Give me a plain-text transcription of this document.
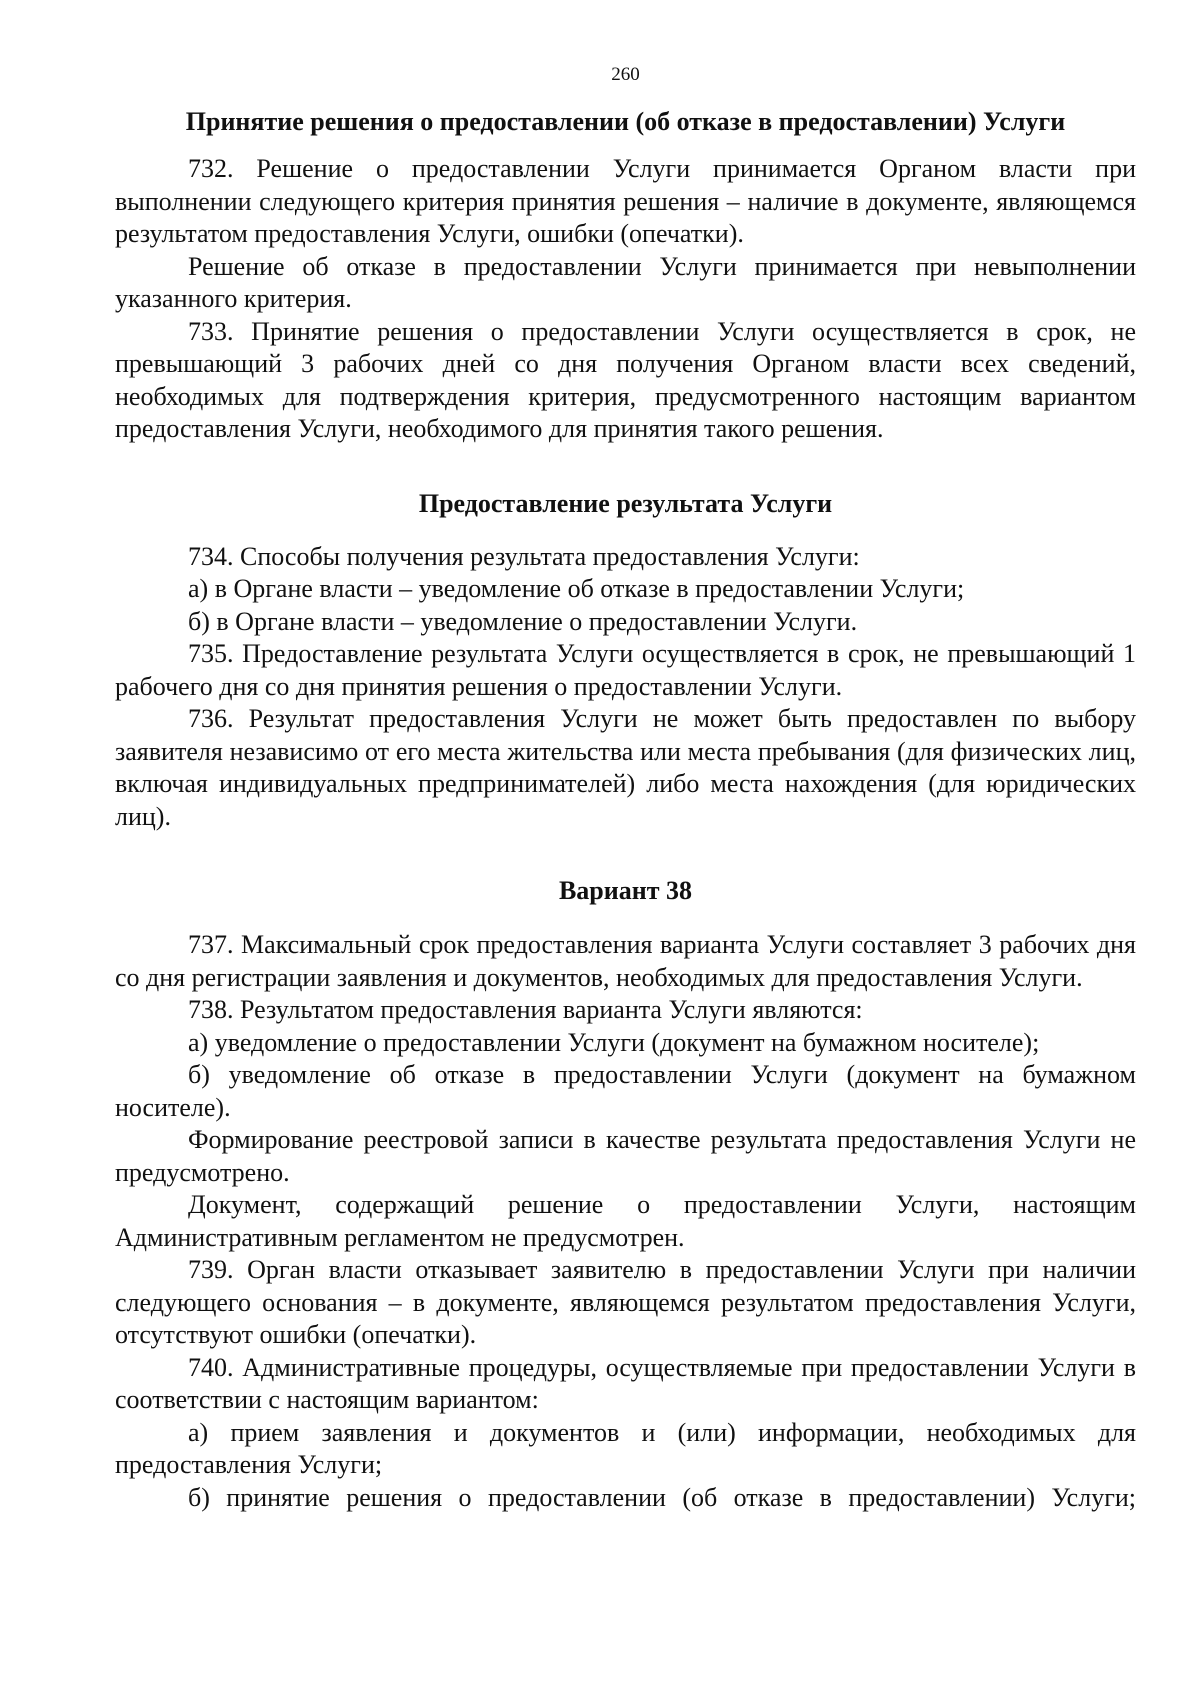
260
Принятие решения о предоставлении (об отказе в предоставлении) Услуги

732. Решение о предоставлении Услуги принимается Органом власти при выполнении следующего критерия принятия решения – наличие в документе, являющемся результатом предоставления Услуги, ошибки (опечатки).

Решение об отказе в предоставлении Услуги принимается при невыполнении указанного критерия.

733. Принятие решения о предоставлении Услуги осуществляется в срок, не превышающий 3 рабочих дней со дня получения Органом власти всех сведений, необходимых для подтверждения критерия, предусмотренного настоящим вариантом предоставления Услуги, необходимого для принятия такого решения.

Предоставление результата Услуги

734. Способы получения результата предоставления Услуги:

а) в Органе власти – уведомление об отказе в предоставлении Услуги;

б) в Органе власти – уведомление о предоставлении Услуги.

735. Предоставление результата Услуги осуществляется в срок, не превышающий 1 рабочего дня со дня принятия решения о предоставлении Услуги.

736. Результат предоставления Услуги не может быть предоставлен по выбору заявителя независимо от его места жительства или места пребывания (для физических лиц, включая индивидуальных предпринимателей) либо места нахождения (для юридических лиц).

Вариант 38

737. Максимальный срок предоставления варианта Услуги составляет 3 рабочих дня со дня регистрации заявления и документов, необходимых для предоставления Услуги.

738. Результатом предоставления варианта Услуги являются:

а) уведомление о предоставлении Услуги (документ на бумажном носителе);

б) уведомление об отказе в предоставлении Услуги (документ на бумажном носителе).

Формирование реестровой записи в качестве результата предоставления Услуги не предусмотрено.

Документ, содержащий решение о предоставлении Услуги, настоящим Административным регламентом не предусмотрен.

739. Орган власти отказывает заявителю в предоставлении Услуги при наличии следующего основания – в документе, являющемся результатом предоставления Услуги, отсутствуют ошибки (опечатки).

740. Административные процедуры, осуществляемые при предоставлении Услуги в соответствии с настоящим вариантом:

а) прием заявления и документов и (или) информации, необходимых для предоставления Услуги;

б) принятие решения о предоставлении (об отказе в предоставлении) Услуги;
